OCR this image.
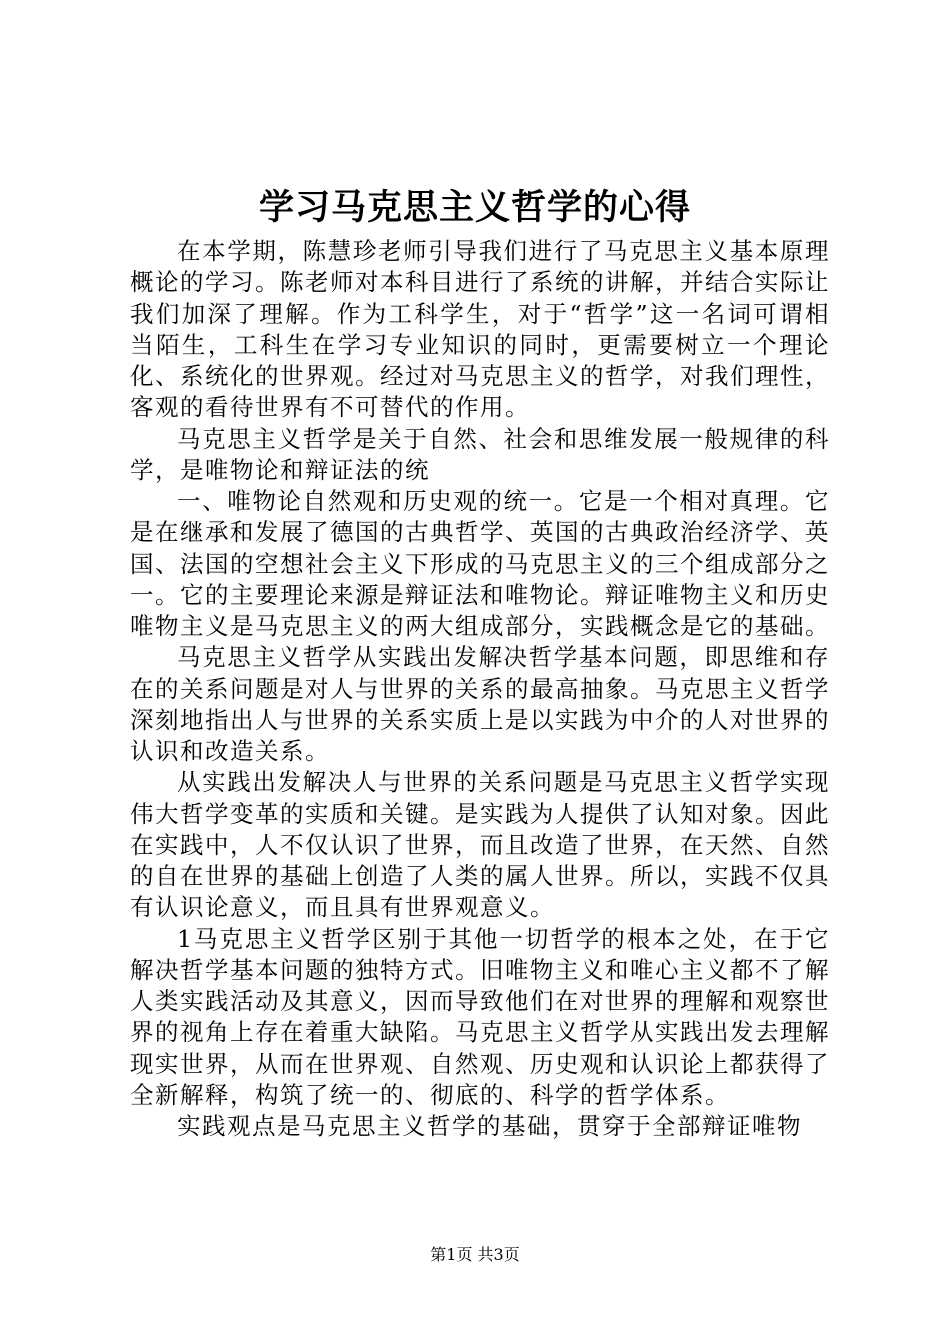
学习马克思主义哲学的心得

在本学期，陈慧珍老师引导我们进行了马克思主义基本原理概论的学习。陈老师对本科目进行了系统的讲解，并结合实际让我们加深了理解。作为工科学生，对于“哲学”这一名词可谓相当陌生，工科生在学习专业知识的同时，更需要树立一个理论化、系统化的世界观。经过对马克思主义的哲学，对我们理性，客观的看待世界有不可替代的作用。

马克思主义哲学是关于自然、社会和思维发展一般规律的科学，是唯物论和辩证法的统

一、唯物论自然观和历史观的统一。它是一个相对真理。它是在继承和发展了德国的古典哲学、英国的古典政治经济学、英国、法国的空想社会主义下形成的马克思主义的三个组成部分之一。它的主要理论来源是辩证法和唯物论。辩证唯物主义和历史唯物主义是马克思主义的两大组成部分，实践概念是它的基础。

马克思主义哲学从实践出发解决哲学基本问题，即思维和存在的关系问题是对人与世界的关系的最高抽象。马克思主义哲学深刻地指出人与世界的关系实质上是以实践为中介的人对世界的认识和改造关系。

从实践出发解决人与世界的关系问题是马克思主义哲学实现伟大哲学变革的实质和关键。是实践为人提供了认知对象。因此在实践中，人不仅认识了世界，而且改造了世界，在天然、自然的自在世界的基础上创造了人类的属人世界。所以，实践不仅具有认识论意义，而且具有世界观意义。

1马克思主义哲学区别于其他一切哲学的根本之处，在于它解决哲学基本问题的独特方式。旧唯物主义和唯心主义都不了解人类实践活动及其意义，因而导致他们在对世界的理解和观察世界的视角上存在着重大缺陷。马克思主义哲学从实践出发去理解现实世界，从而在世界观、自然观、历史观和认识论上都获得了全新解释，构筑了统一的、彻底的、科学的哲学体系。

实践观点是马克思主义哲学的基础，贯穿于全部辩证唯物

第1页 共3页
